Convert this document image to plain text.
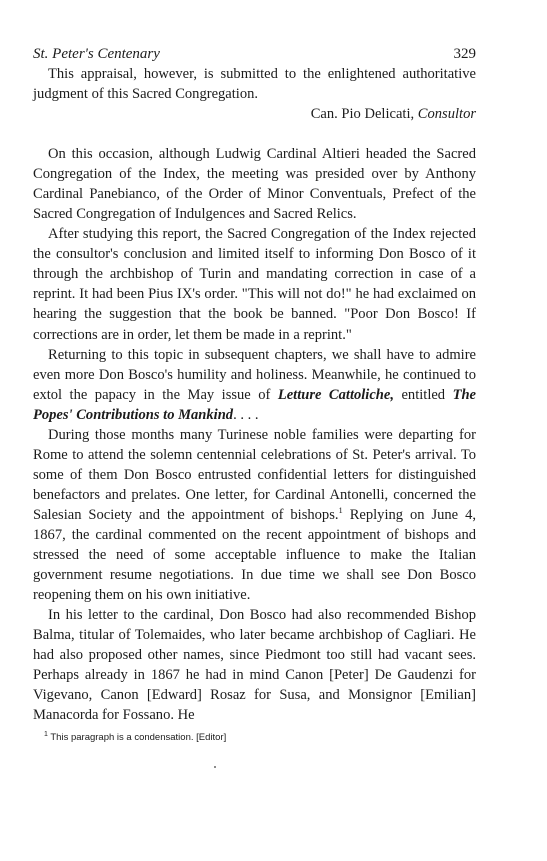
St. Peter's Centenary	329

This appraisal, however, is submitted to the enlightened authoritative judgment of this Sacred Congregation.

Can. Pio Delicati, Consultor

On this occasion, although Ludwig Cardinal Altieri headed the Sacred Congregation of the Index, the meeting was presided over by Anthony Cardinal Panebianco, of the Order of Minor Conventuals, Prefect of the Sacred Congregation of Indulgences and Sacred Relics.

After studying this report, the Sacred Congregation of the Index rejected the consultor's conclusion and limited itself to informing Don Bosco of it through the archbishop of Turin and mandating correction in case of a reprint. It had been Pius IX's order. "This will not do!" he had exclaimed on hearing the suggestion that the book be banned. "Poor Don Bosco! If corrections are in order, let them be made in a reprint."

Returning to this topic in subsequent chapters, we shall have to admire even more Don Bosco's humility and holiness. Meanwhile, he continued to extol the papacy in the May issue of Letture Cattoliche, entitled The Popes' Contributions to Mankind. . . .

During those months many Turinese noble families were departing for Rome to attend the solemn centennial celebrations of St. Peter's arrival. To some of them Don Bosco entrusted confidential letters for distinguished benefactors and prelates. One letter, for Cardinal Antonelli, concerned the Salesian Society and the appointment of bishops.$^1$ Replying on June 4, 1867, the cardinal commented on the recent appointment of bishops and stressed the need of some acceptable influence to make the Italian government resume negotiations. In due time we shall see Don Bosco reopening them on his own initiative.

In his letter to the cardinal, Don Bosco had also recommended Bishop Balma, titular of Tolemaides, who later became archbishop of Cagliari. He had also proposed other names, since Piedmont too still had vacant sees. Perhaps already in 1867 he had in mind Canon [Peter] De Gaudenzi for Vigevano, Canon [Edward] Rosaz for Susa, and Monsignor [Emilian] Manacorda for Fossano. He

$^1$ This paragraph is a condensation. [Editor]
